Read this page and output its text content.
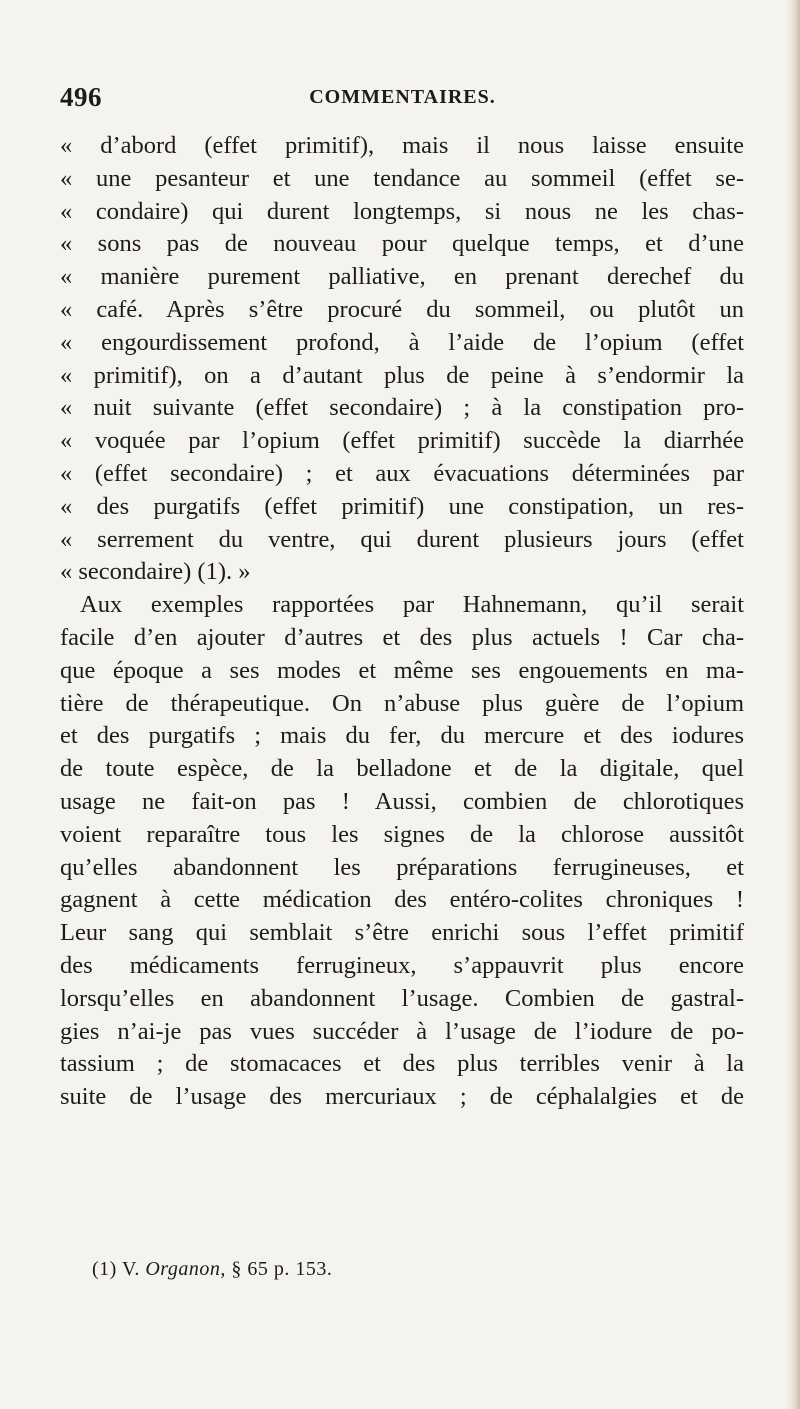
496	COMMENTAIRES.
« d’abord (effet primitif), mais il nous laisse ensuite
« une pesanteur et une tendance au sommeil (effet se-
« condaire) qui durent longtemps, si nous ne les chas-
« sons pas de nouveau pour quelque temps, et d’une
« manière purement palliative, en prenant derechef du
« café. Après s’être procuré du sommeil, ou plutôt un
« engourdissement profond, à l’aide de l’opium (effet
« primitif), on a d’autant plus de peine à s’endormir la
« nuit suivante (effet secondaire) ; à la constipation pro-
« voquée par l’opium (effet primitif) succède la diarrhée
« (effet secondaire) ; et aux évacuations déterminées par
« des purgatifs (effet primitif) une constipation, un res-
« serrement du ventre, qui durent plusieurs jours (effet
« secondaire) (1). »
Aux exemples rapportées par Hahnemann, qu’il serait
facile d’en ajouter d’autres et des plus actuels ! Car cha-
que époque a ses modes et même ses engouements en ma-
tière de thérapeutique. On n’abuse plus guère de l’opium
et des purgatifs ; mais du fer, du mercure et des iodures
de toute espèce, de la belladone et de la digitale, quel
usage ne fait-on pas ! Aussi, combien de chlorotiques
voient reparaître tous les signes de la chlorose aussitôt
qu’elles abandonnent les préparations ferrugineuses, et
gagnent à cette médication des entéro-colites chroniques !
Leur sang qui semblait s’être enrichi sous l’effet primitif
des médicaments ferrugineux, s’appauvrit plus encore
lorsqu’elles en abandonnent l’usage. Combien de gastral-
gies n’ai-je pas vues succéder à l’usage de l’iodure de po-
tassium ; de stomacaces et des plus terribles venir à la
suite de l’usage des mercuriaux ; de céphalalgies et de
(1) V. Organon, § 65 p. 153.
